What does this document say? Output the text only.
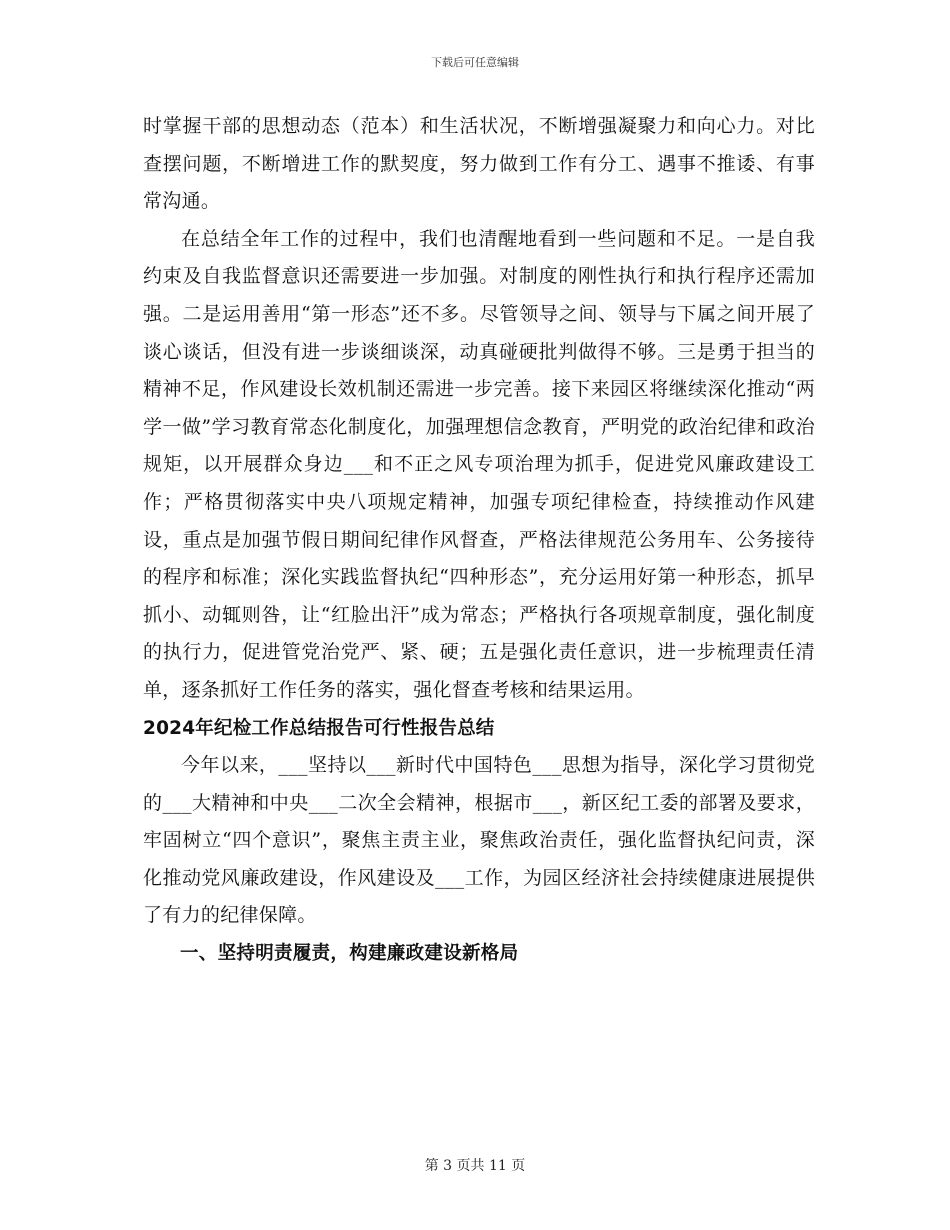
下载后可任意编辑

时掌握干部的思想动态（范本）和生活状况，不断增强凝聚力和向心力。对比查摆问题，不断增进工作的默契度，努力做到工作有分工、遇事不推诿、有事常沟通。

在总结全年工作的过程中，我们也清醒地看到一些问题和不足。一是自我约束及自我监督意识还需要进一步加强。对制度的刚性执行和执行程序还需加强。二是运用善用“第一形态”还不多。尽管领导之间、领导与下属之间开展了谈心谈话，但没有进一步谈细谈深，动真碰硬批判做得不够。三是勇于担当的精神不足，作风建设长效机制还需进一步完善。接下来园区将继续深化推动“两学一做”学习教育常态化制度化，加强理想信念教育，严明党的政治纪律和政治规矩，以开展群众身边___和不正之风专项治理为抓手，促进党风廉政建设工作；严格贯彻落实中央八项规定精神，加强专项纪律检查，持续推动作风建设，重点是加强节假日期间纪律作风督查，严格法律规范公务用车、公务接待的程序和标准；深化实践监督执纪“四种形态”，充分运用好第一种形态，抓早抓小、动辄则咎，让“红脸出汗”成为常态；严格执行各项规章制度，强化制度的执行力，促进管党治党严、紧、硬；五是强化责任意识，进一步梳理责任清单，逐条抓好工作任务的落实，强化督查考核和结果运用。

2024年纪检工作总结报告可行性报告总结

今年以来，___坚持以___新时代中国特色___思想为指导，深化学习贯彻党的___大精神和中央___二次全会精神，根据市___，新区纪工委的部署及要求，牢固树立“四个意识”，聚焦主责主业，聚焦政治责任，强化监督执纪问责，深化推动党风廉政建设，作风建设及___工作，为园区经济社会持续健康进展提供了有力的纪律保障。

一、坚持明责履责，构建廉政建设新格局

第 3 页共 11 页
